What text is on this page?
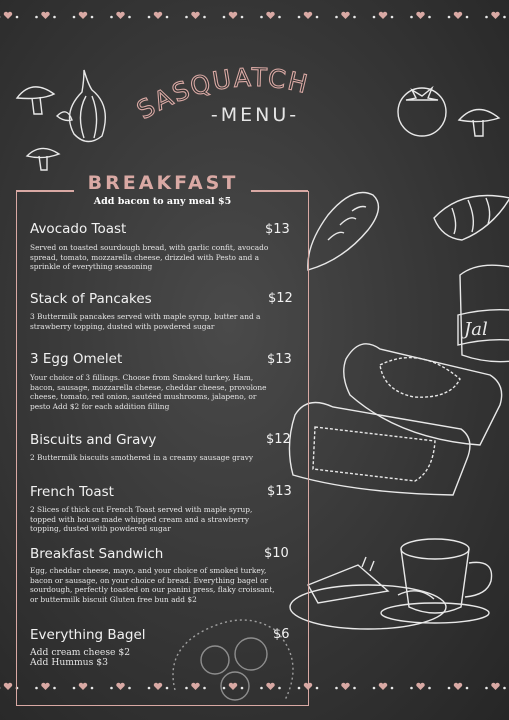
SASQUATCH
-MENU-
Jal
BREAKFAST
Add bacon to any meal $5
Avocado Toast	$13
Served on toasted sourdough bread, with garlic confit, avocado spread, tomato, mozzarella cheese, drizzled with Pesto and a sprinkle of everything seasoning
Stack of Pancakes	$12
3 Buttermilk pancakes served with maple syrup, butter and a strawberry topping, dusted with powdered sugar
3 Egg Omelet	$13
Your choice of 3 fillings. Choose from Smoked turkey, Ham, bacon, sausage, mozzarella cheese, cheddar cheese, provolone cheese, tomato, red onion, sautéed mushrooms, jalapeno, or pesto Add $2 for each addition filling
Biscuits and Gravy	$12
2 Buttermilk biscuits smothered in a creamy sausage gravy
French Toast	$13
2 Slices of thick cut French Toast served with maple syrup, topped with house made whipped cream and a strawberry topping, dusted with powdered sugar
Breakfast Sandwich	$10
Egg, cheddar cheese, mayo, and your choice of smoked turkey, bacon or sausage, on your choice of bread. Everything bagel or sourdough, perfectly toasted on our panini press, flaky croissant, or buttermilk biscuit Gluten free bun add $2
Everything Bagel	$6
Add cream cheese $2
Add Hummus $3
